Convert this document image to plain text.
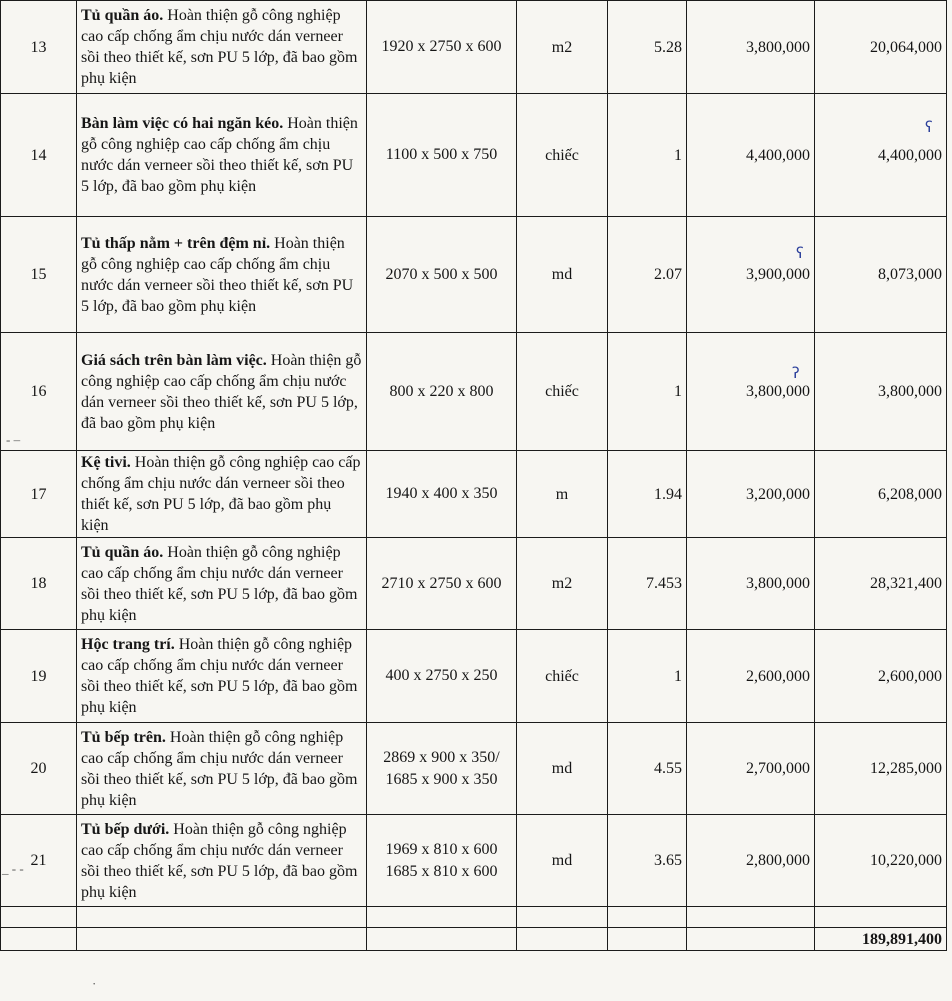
13	Tủ quần áo. Hoàn thiện gỗ công nghiệp cao cấp chống ẩm chịu nước dán verneer sồi theo thiết kế, sơn PU 5 lớp, đã bao gồm phụ kiện	1920 x 2750 x 600	m2	5.28	3,800,000	20,064,000
14	Bàn làm việc có hai ngăn kéo. Hoàn thiện gỗ công nghiệp cao cấp chống ẩm chịu nước dán verneer sồi theo thiết kế, sơn PU 5 lớp, đã bao gồm phụ kiện	1100 x 500 x 750	chiếc	1	4,400,000	4,400,000
15	Tủ thấp nằm + trên đệm nỉ. Hoàn thiện gỗ công nghiệp cao cấp chống ẩm chịu nước dán verneer sồi theo thiết kế, sơn PU 5 lớp, đã bao gồm phụ kiện	2070 x 500 x 500	md	2.07	3,900,000	8,073,000
16	Giá sách trên bàn làm việc. Hoàn thiện gỗ công nghiệp cao cấp chống ẩm chịu nước dán verneer sồi theo thiết kế, sơn PU 5 lớp, đã bao gồm phụ kiện	800 x 220 x 800	chiếc	1	3,800,000	3,800,000
17	Kệ tivi. Hoàn thiện gỗ công nghiệp cao cấp chống ẩm chịu nước dán verneer sồi theo thiết kế, sơn PU 5 lớp, đã bao gồm phụ kiện	1940 x 400 x 350	m	1.94	3,200,000	6,208,000
18	Tủ quần áo. Hoàn thiện gỗ công nghiệp cao cấp chống ẩm chịu nước dán verneer sồi theo thiết kế, sơn PU 5 lớp, đã bao gồm phụ kiện	2710 x 2750 x 600	m2	7.453	3,800,000	28,321,400
19	Hộc trang trí. Hoàn thiện gỗ công nghiệp cao cấp chống ẩm chịu nước dán verneer sồi theo thiết kế, sơn PU 5 lớp, đã bao gồm phụ kiện	400 x 2750 x 250	chiếc	1	2,600,000	2,600,000
20	Tủ bếp trên. Hoàn thiện gỗ công nghiệp cao cấp chống ẩm chịu nước dán verneer sồi theo thiết kế, sơn PU 5 lớp, đã bao gồm phụ kiện	2869 x 900 x 350/
1685 x 900 x 350	md	4.55	2,700,000	12,285,000
21	Tủ bếp dưới. Hoàn thiện gỗ công nghiệp cao cấp chống ẩm chịu nước dán verneer sồi theo thiết kế, sơn PU 5 lớp, đã bao gồm phụ kiện	1969 x 810 x 600
1685 x 810 x 600	md	3.65	2,800,000	10,220,000

						189,891,400
ʕ
ʕ
ʔ
- –
_ - -
·
